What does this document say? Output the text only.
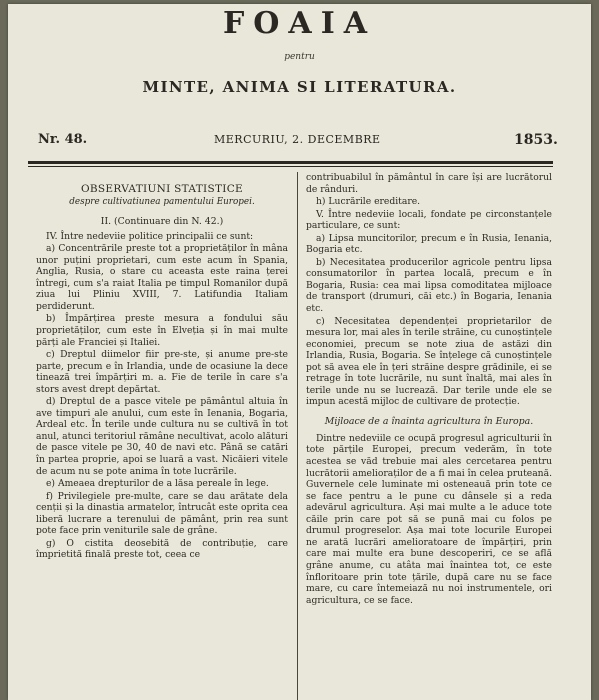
FOAIA
pentru
MINTE, ANIMA SI LITERATURA.
Nr. 48.	MERCURIU, 2. DECEMBRE	1853.
OBSERVATIUNI STATISTICE
despre cultivatiunea pamentului Europei.
II. (Continuare din N. 42.)

IV. Între nedeviie politice principalii ce sunt:

a) Concentrările preste tot a proprietăților în mâna unor puțini proprietari, cum este acum în Spania, Anglia, Rusia, o stare cu aceasta este raina țerei întregi, cum s'a raiat Italia pe timpul Romanilor după ziua lui Pliniu XVIII, 7. Latifundia Italiam perdiderunt.

b) Împărțirea preste mesura a fondului său proprietăților, cum este în Elveția și în mai multe părți ale Franciei și Italiei.

c) Dreptul diimelor fiir pre-ste, și anume pre-ste parte, precum e în Irlandia, unde de ocasiune la dece tinează trei împărțiri m. a. Fie de terile în care s'a stors avest drept depărtat.

d) Dreptul de a pasce vitele pe pământul altuia în ave timpuri ale anului, cum este în Ienania, Bogaria, Ardeal etc. În terile unde cultura nu se cultivă în tot anul, atunci teritoriul rămâne necultivat, acolo alături de pasce vitele pe 30, 40 de navi etc. Până se catări în partea proprie, apoi se luară a vast. Nicăieri vitele de acum nu se pote anima în tote lucrările.

e) Ameaea drepturilor de a lăsa pereale în lege.

f) Privilegiele pre-multe, care se dau arătate dela cenții și la dinastia armatelor, întrucât este oprita cea liberă lucrare a terenului de pământ, prin rea sunt pote face prin veniturile sale de grâne.

g) O cistita deosebită de contribuție, care împrietită finală preste tot, ceea ce

contribuabilul în pământul în care își are lucrătorul de rânduri.

h) Lucrările ereditare.

V. Între nedeviie locali, fondate pe circonstanțele particulare, ce sunt:

a) Lipsa muncitorilor, precum e în Rusia, Ienania, Bogaria etc.

b) Necesitatea producerilor agricole pentru lipsa consumatorilor în partea locală, precum e în Bogaria, Rusia: cea mai lipsa comoditatea mijloace de transport (drumuri, căi etc.) în Bogaria, Ienania etc.

c) Necesitatea dependenței proprietarilor de mesura lor, mai ales în terile străine, cu cunoștințele economiei, precum se note ziua de astăzi din Irlandia, Rusia, Bogaria. Se înțelege că cunoștințele pot să avea ele în țeri străine despre grădinile, ei se retrage în tote lucrările, nu sunt înaltă, mai ales în terile unde nu se lucrează. Dar terile unde ele se impun acestă mijloc de cultivare de protecție.

Mijloace de a înainta agricultura în Europa.

Dintre nedeviile ce ocupă progresul agriculturii în tote părțile Europei, precum vederăm, în tote acestea se văd trebuie mai ales cercetarea pentru lucrătorii amelioraților de a fi mai în celea pruteană. Guvernele cele luminate mi osteneauă prin tote ce se face pentru a le pune cu dânsele și a reda adevărul agricultura. Ași mai multe a le aduce tote căile prin care pot să se pună mai cu folos pe drumul progreselor. Așa mai tote locurile Europei ne arată lucrări amelioratoare de împărțiri, prin care mai multe era bune descoperiri, ce se află grâne anume, cu atâta mai înaintea tot, ce este înfloritoare prin tote țările, după care nu se face mare, cu care întemeiază nu noi instrumentele, ori agricultura, ce se face.
